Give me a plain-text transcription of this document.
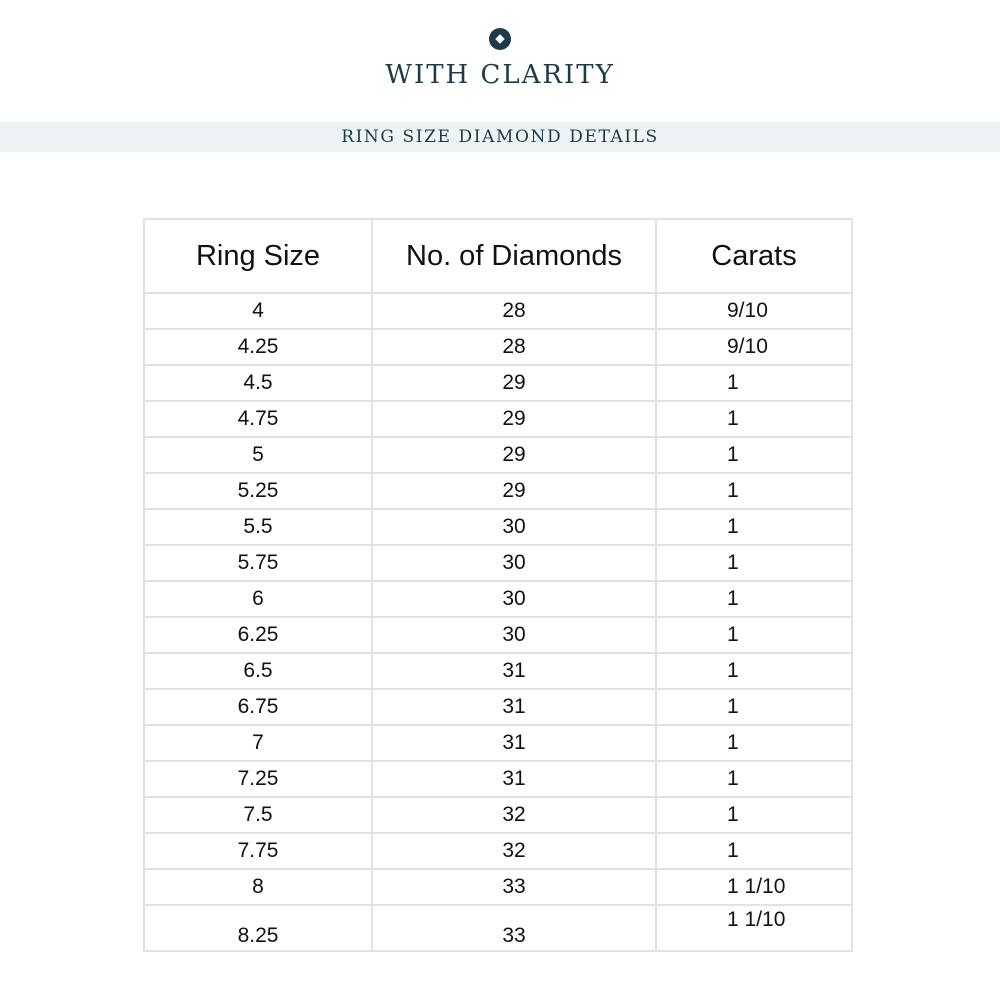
WITH CLARITY
RING SIZE DIAMOND DETAILS
Ring Size	No. of Diamonds	Carats
4	28	9/10
4.25	28	9/10
4.5	29	1
4.75	29	1
5	29	1
5.25	29	1
5.5	30	1
5.75	30	1
6	30	1
6.25	30	1
6.5	31	1
6.75	31	1
7	31	1
7.25	31	1
7.5	32	1
7.75	32	1
8	33	1 1/10
8.25	33	1 1/10
